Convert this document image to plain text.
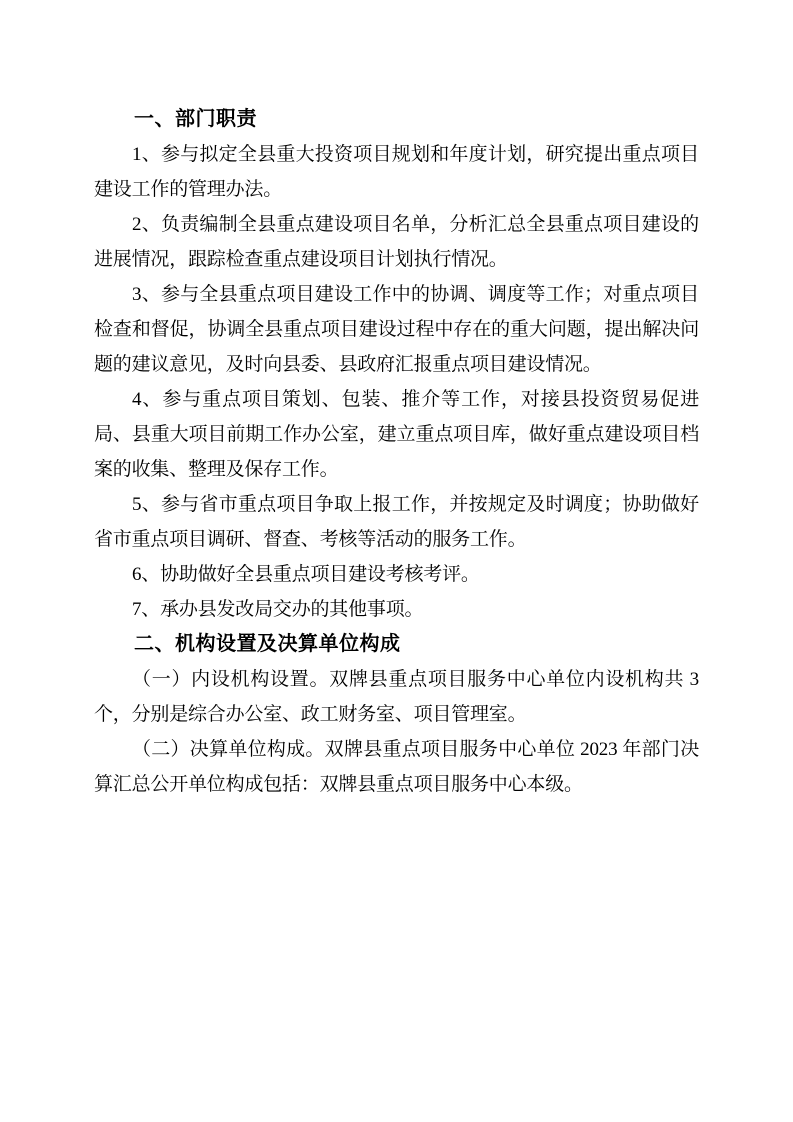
一、部门职责
1、参与拟定全县重大投资项目规划和年度计划，研究提出重点项目
建设工作的管理办法。
2、负责编制全县重点建设项目名单，分析汇总全县重点项目建设的
进展情况，跟踪检查重点建设项目计划执行情况。
3、参与全县重点项目建设工作中的协调、调度等工作；对重点项目
检查和督促，协调全县重点项目建设过程中存在的重大问题，提出解决问
题的建议意见，及时向县委、县政府汇报重点项目建设情况。
4、参与重点项目策划、包装、推介等工作，对接县投资贸易促进
局、县重大项目前期工作办公室，建立重点项目库，做好重点建设项目档
案的收集、整理及保存工作。
5、参与省市重点项目争取上报工作，并按规定及时调度；协助做好
省市重点项目调研、督查、考核等活动的服务工作。
6、协助做好全县重点项目建设考核考评。
7、承办县发改局交办的其他事项。
二、机构设置及决算单位构成
（一）内设机构设置。双牌县重点项目服务中心单位内设机构共 3
个，分别是综合办公室、政工财务室、项目管理室。
（二）决算单位构成。双牌县重点项目服务中心单位 2023 年部门决
算汇总公开单位构成包括：双牌县重点项目服务中心本级。
